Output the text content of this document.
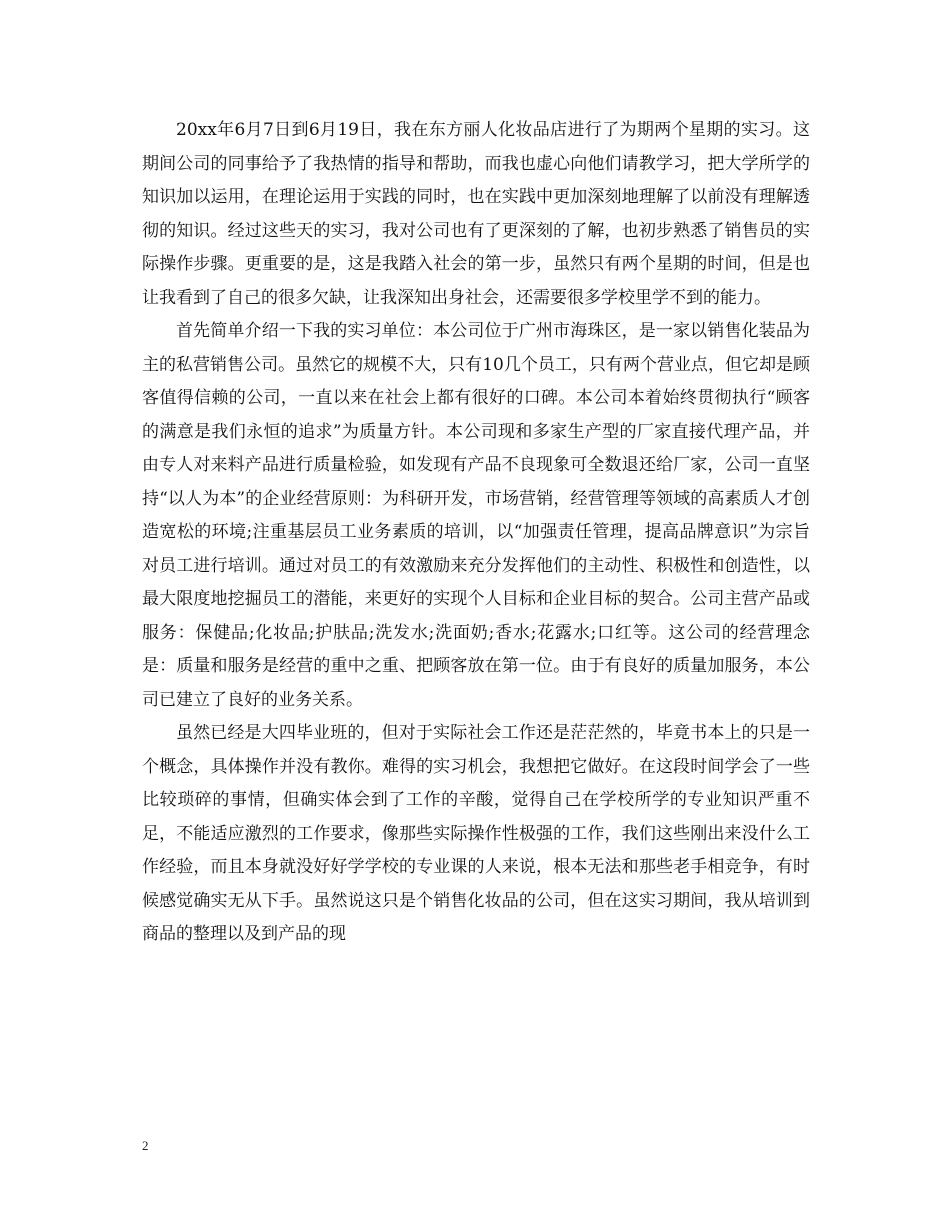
20xx年6月7日到6月19日，我在东方丽人化妆品店进行了为期两个星期的实习。这期间公司的同事给予了我热情的指导和帮助，而我也虚心向他们请教学习，把大学所学的知识加以运用，在理论运用于实践的同时，也在实践中更加深刻地理解了以前没有理解透彻的知识。经过这些天的实习，我对公司也有了更深刻的了解，也初步熟悉了销售员的实际操作步骤。更重要的是，这是我踏入社会的第一步，虽然只有两个星期的时间，但是也让我看到了自己的很多欠缺，让我深知出身社会，还需要很多学校里学不到的能力。

首先简单介绍一下我的实习单位：本公司位于广州市海珠区，是一家以销售化装品为主的私营销售公司。虽然它的规模不大，只有10几个员工，只有两个营业点，但它却是顾客值得信赖的公司，一直以来在社会上都有很好的口碑。本公司本着始终贯彻执行“顾客的满意是我们永恒的追求”为质量方针。本公司现和多家生产型的厂家直接代理产品，并由专人对来料产品进行质量检验，如发现有产品不良现象可全数退还给厂家，公司一直坚持“以人为本”的企业经营原则：为科研开发，市场营销，经营管理等领域的高素质人才创造宽松的环境;注重基层员工业务素质的培训，以“加强责任管理，提高品牌意识”为宗旨对员工进行培训。通过对员工的有效激励来充分发挥他们的主动性、积极性和创造性，以最大限度地挖掘员工的潜能，来更好的实现个人目标和企业目标的契合。公司主营产品或服务：保健品;化妆品;护肤品;洗发水;洗面奶;香水;花露水;口红等。这公司的经营理念是：质量和服务是经营的重中之重、把顾客放在第一位。由于有良好的质量加服务，本公司已建立了良好的业务关系。

虽然已经是大四毕业班的，但对于实际社会工作还是茫茫然的，毕竟书本上的只是一个概念，具体操作并没有教你。难得的实习机会，我想把它做好。在这段时间学会了一些比较琐碎的事情，但确实体会到了工作的辛酸，觉得自己在学校所学的专业知识严重不足，不能适应激烈的工作要求，像那些实际操作性极强的工作，我们这些刚出来没什么工作经验，而且本身就没好好学学校的专业课的人来说，根本无法和那些老手相竞争，有时候感觉确实无从下手。虽然说这只是个销售化妆品的公司，但在这实习期间，我从培训到商品的整理以及到产品的现

2
